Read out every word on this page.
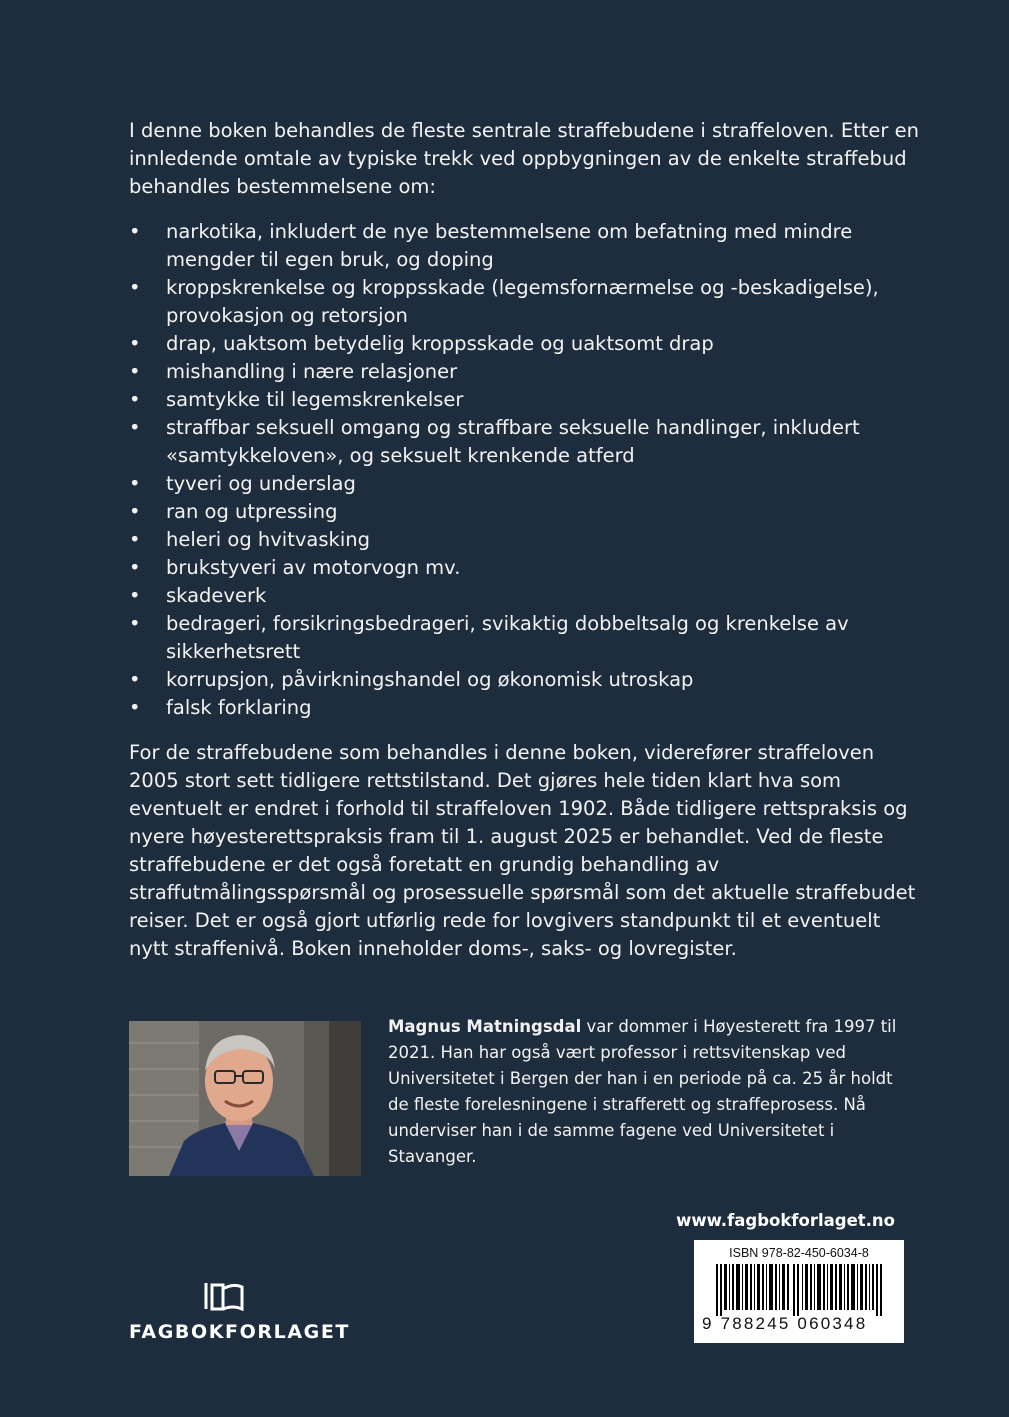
I denne boken behandles de fleste sentrale straffebudene i straffeloven. Etter en innledende omtale av typiske trekk ved oppbygningen av de enkelte straffebud behandles bestemmelsene om:

• narkotika, inkludert de nye bestemmelsene om befatning med mindre mengder til egen bruk, og doping
• kroppskrenkelse og kroppsskade (legemsfornærmelse og -beskadigelse), provokasjon og retorsjon
• drap, uaktsom betydelig kroppsskade og uaktsomt drap
• mishandling i nære relasjoner
• samtykke til legemskrenkelser
• straffbar seksuell omgang og straffbare seksuelle handlinger, inkludert «samtykkeloven», og seksuelt krenkende atferd
• tyveri og underslag
• ran og utpressing
• heleri og hvitvasking
• brukstyveri av motorvogn mv.
• skadeverk
• bedrageri, forsikringsbedrageri, svikaktig dobbeltsalg og krenkelse av sikkerhetsrett
• korrupsjon, påvirkningshandel og økonomisk utroskap
• falsk forklaring

For de straffebudene som behandles i denne boken, viderefører straffeloven 2005 stort sett tidligere rettstilstand. Det gjøres hele tiden klart hva som eventuelt er endret i forhold til straffeloven 1902. Både tidligere rettspraksis og nyere høyesterettspraksis fram til 1. august 2025 er behandlet. Ved de fleste straffebudene er det også foretatt en grundig behandling av straffutmålingsspørsmål og prosessuelle spørsmål som det aktuelle straffebudet reiser. Det er også gjort utførlig rede for lovgivers standpunkt til et eventuelt nytt straffenivå. Boken inneholder doms-, saks- og lovregister.

Magnus Matningsdal var dommer i Høyesterett fra 1997 til 2021. Han har også vært professor i rettsvitenskap ved Universitetet i Bergen der han i en periode på ca. 25 år holdt de fleste forelesningene i strafferett og straffeprosess. Nå underviser han i de samme fagene ved Universitetet i Stavanger.

www.fagbokforlaget.no
ISBN 978-82-450-6034-8
9 788245 060348
FAGBOKFORLAGET
